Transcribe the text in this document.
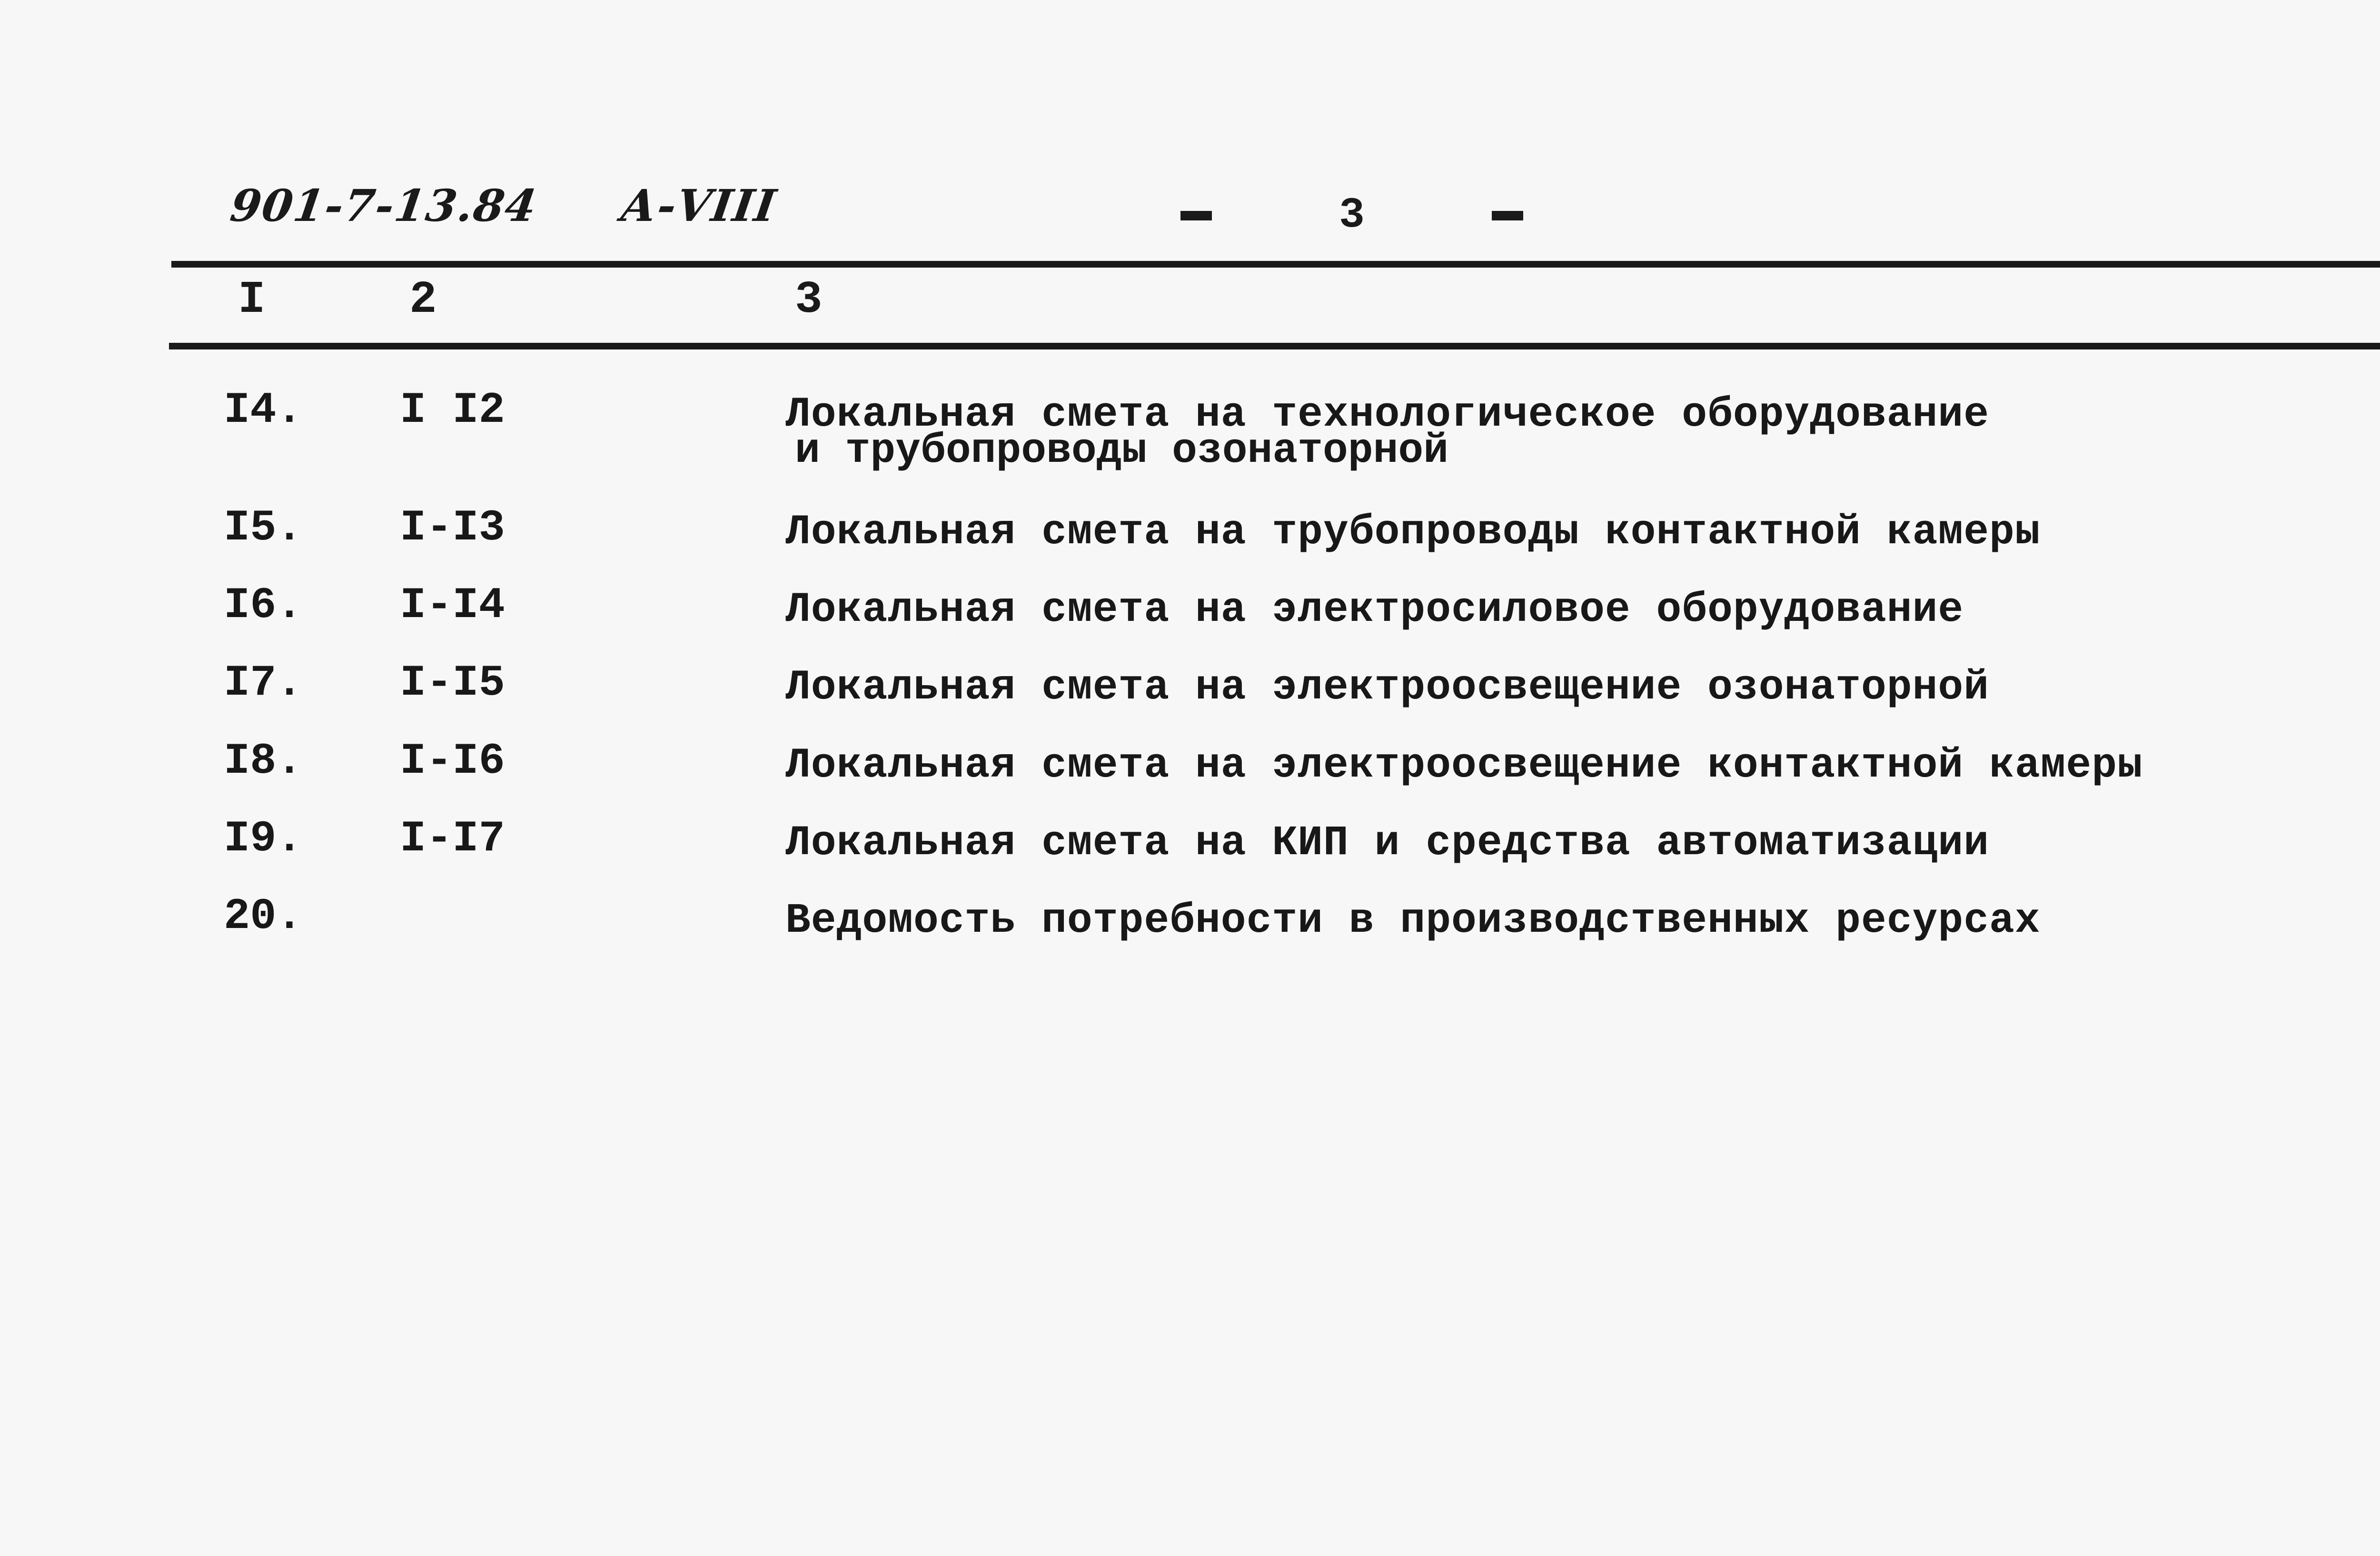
901-7-13.84 А-VIII	3
I	2	3
I4. I I2	Локальная смета на технологическое оборудование
и трубопроводы озонаторной
I5. I-I3	Локальная смета на трубопроводы контактной камеры
I6. I-I4	Локальная смета на электросиловое оборудование
I7. I-I5	Локальная смета на электроосвещение озонаторной
I8. I-I6	Локальная смета на электроосвещение контактной камеры
I9. I-I7	Локальная смета на КИП и средства автоматизации
20.	Ведомость потребности в производственных ресурсах
